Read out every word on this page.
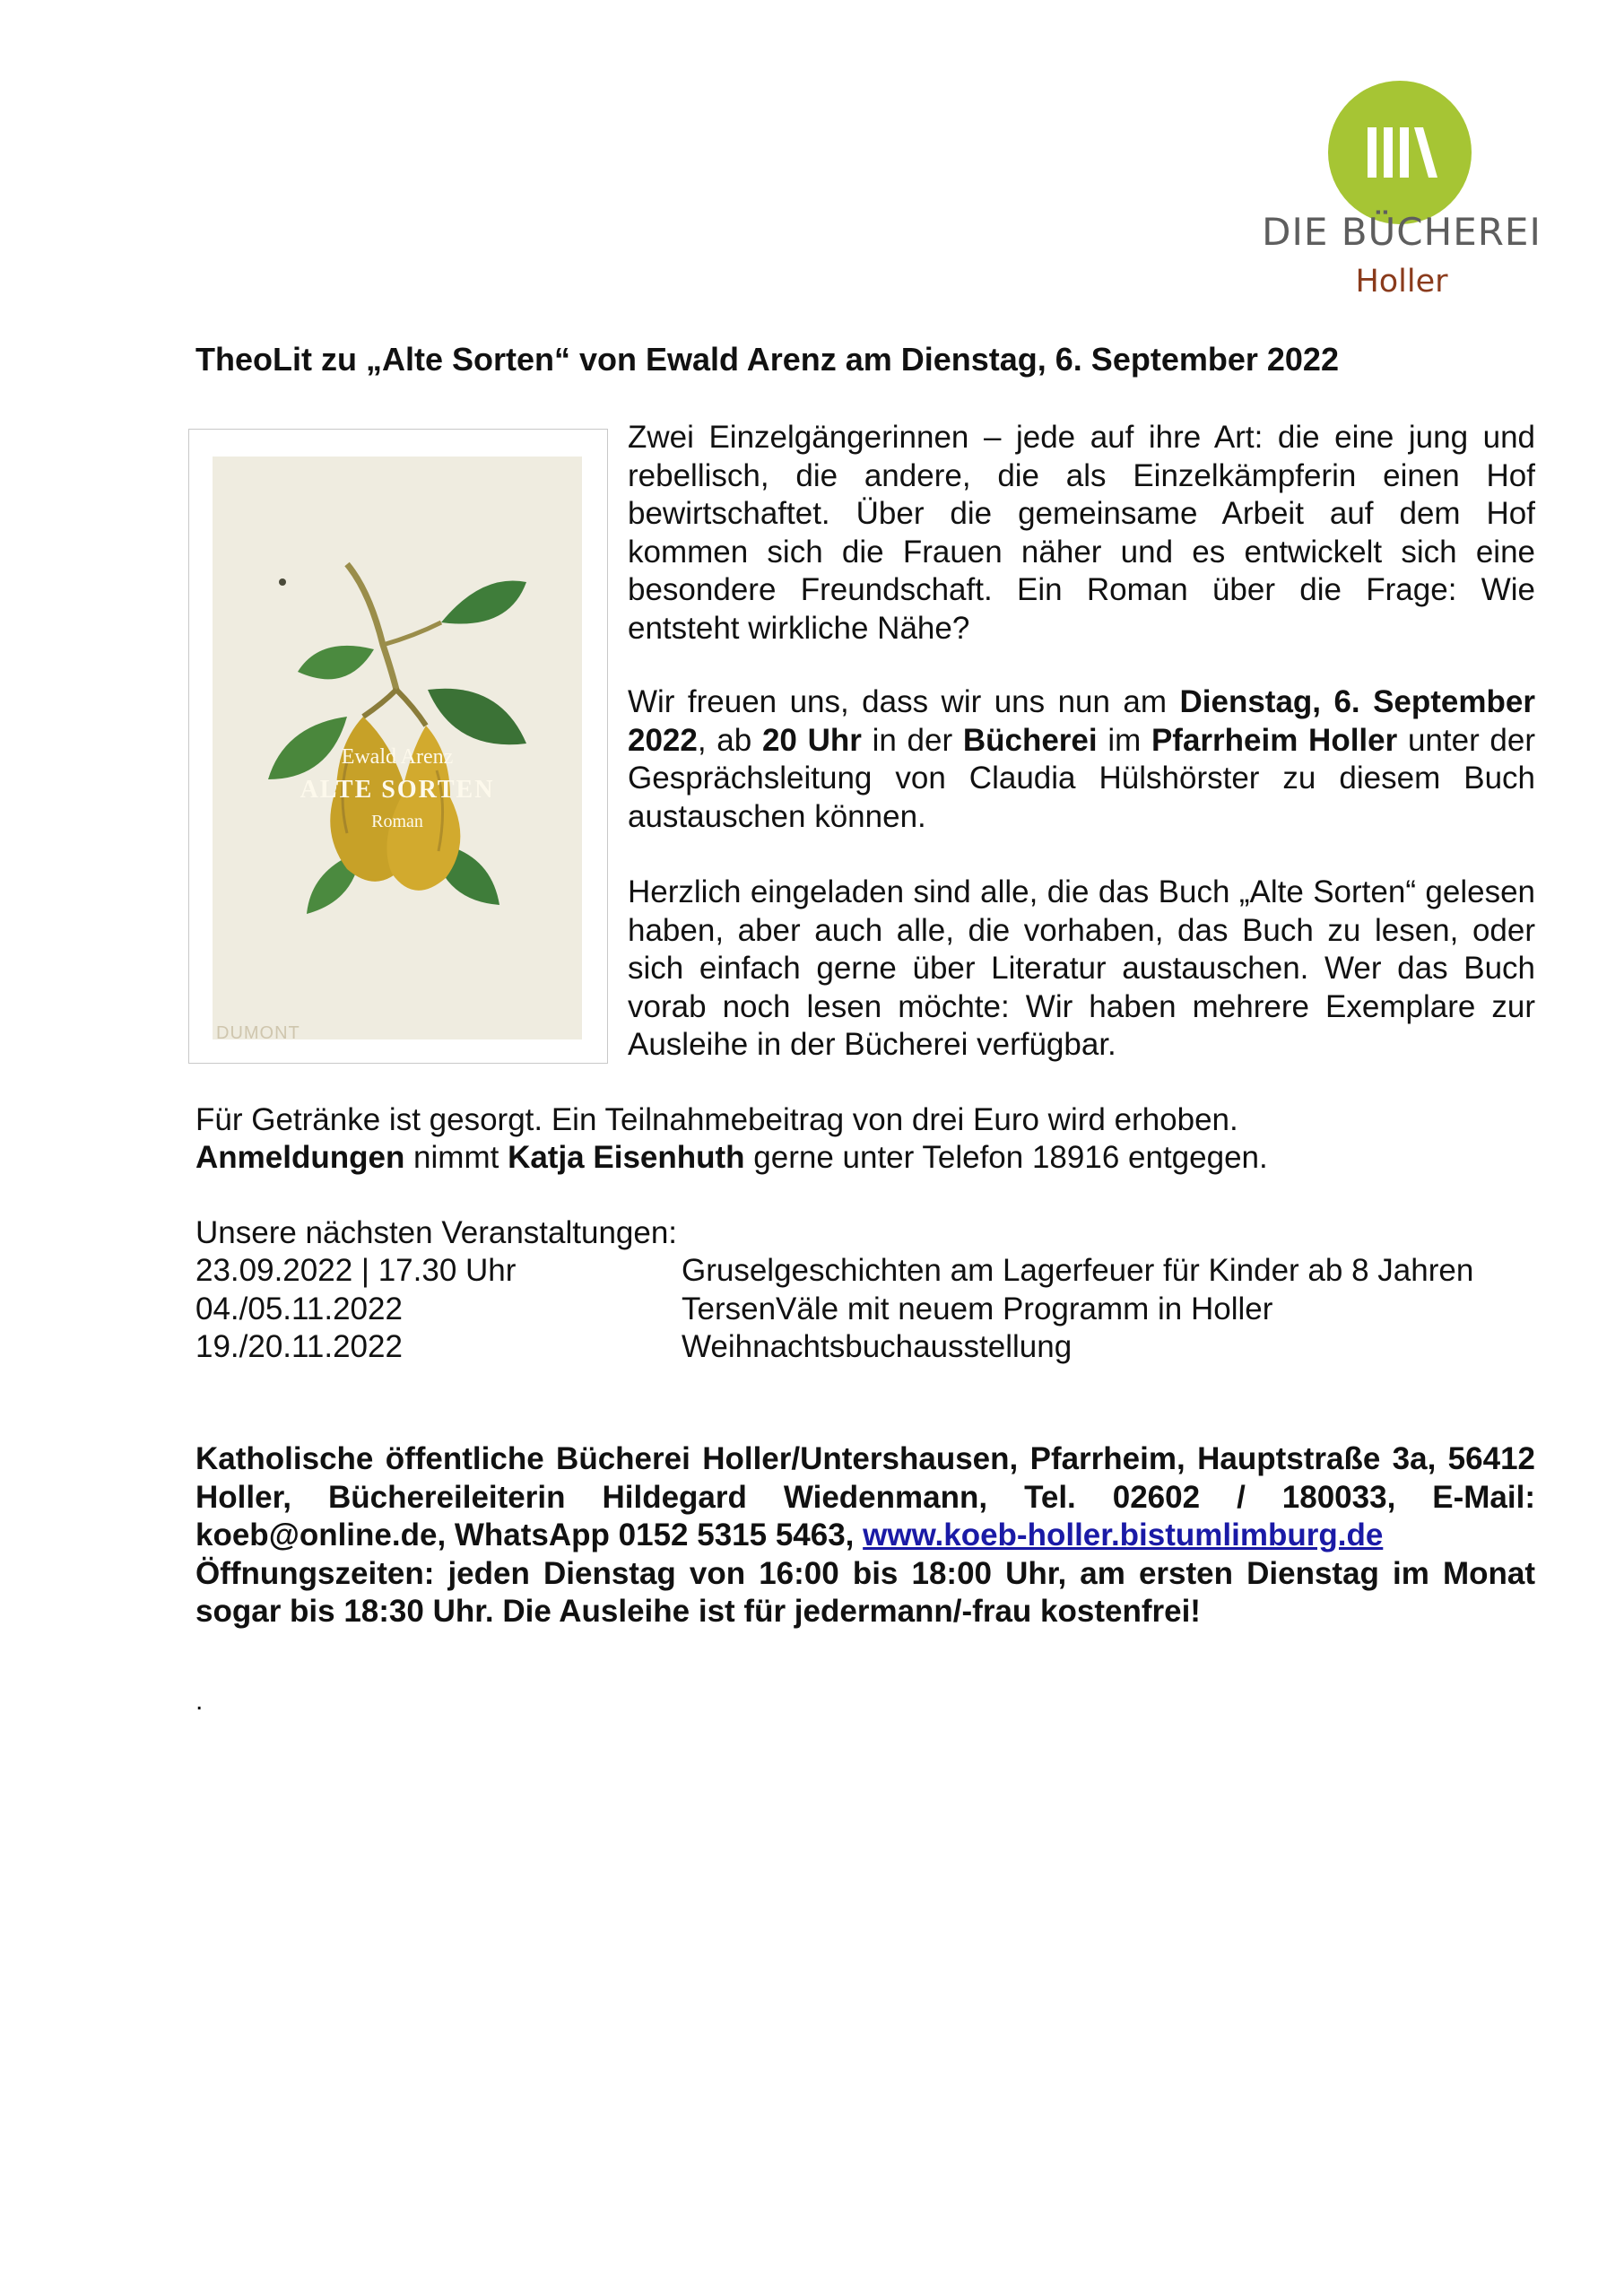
DIE BÜCHEREI
Holler
TheoLit zu „Alte Sorten“ von Ewald Arenz am Dienstag, 6. September 2022
Ewald Arenz
ALTE SORTEN
Roman
DUMONT
Zwei Einzelgängerinnen – jede auf ihre Art: die eine jung und rebellisch, die andere, die als Einzelkämpferin einen Hof bewirtschaftet. Über die gemeinsame Arbeit auf dem Hof kommen sich die Frauen näher und es entwickelt sich eine besondere Freundschaft. Ein Roman über die Frage: Wie entsteht wirkliche Nähe?
Wir freuen uns, dass wir uns nun am Dienstag, 6. September 2022, ab 20 Uhr in der Bücherei im Pfarrheim Holler unter der Gesprächsleitung von Claudia Hülshörster zu diesem Buch austauschen können.
Herzlich eingeladen sind alle, die das Buch „Alte Sorten“ gelesen haben, aber auch alle, die vorhaben, das Buch zu lesen, oder sich einfach gerne über Literatur austauschen. Wer das Buch vorab noch lesen möchte: Wir haben mehrere Exemplare zur Ausleihe in der Bücherei verfügbar.
Für Getränke ist gesorgt. Ein Teilnahmebeitrag von drei Euro wird erhoben.
Anmeldungen nimmt Katja Eisenhuth gerne unter Telefon 18916 entgegen.
Unsere nächsten Veranstaltungen:
23.09.2022 | 17.30 Uhr	Gruselgeschichten am Lagerfeuer für Kinder ab 8 Jahren
04./05.11.2022	TersenVäle mit neuem Programm in Holler
19./20.11.2022	Weihnachtsbuchausstellung
Katholische öffentliche Bücherei Holler/Untershausen, Pfarrheim, Hauptstraße 3a, 56412 Holler, Büchereileiterin Hildegard Wiedenmann, Tel. 02602 / 180033, E-Mail: koeb@online.de, WhatsApp 0152 5315 5463, www.koeb-holler.bistumlimburg.de
Öffnungszeiten: jeden Dienstag von 16:00 bis 18:00 Uhr, am ersten Dienstag im Monat sogar bis 18:30 Uhr. Die Ausleihe ist für jedermann/-frau kostenfrei!
.
